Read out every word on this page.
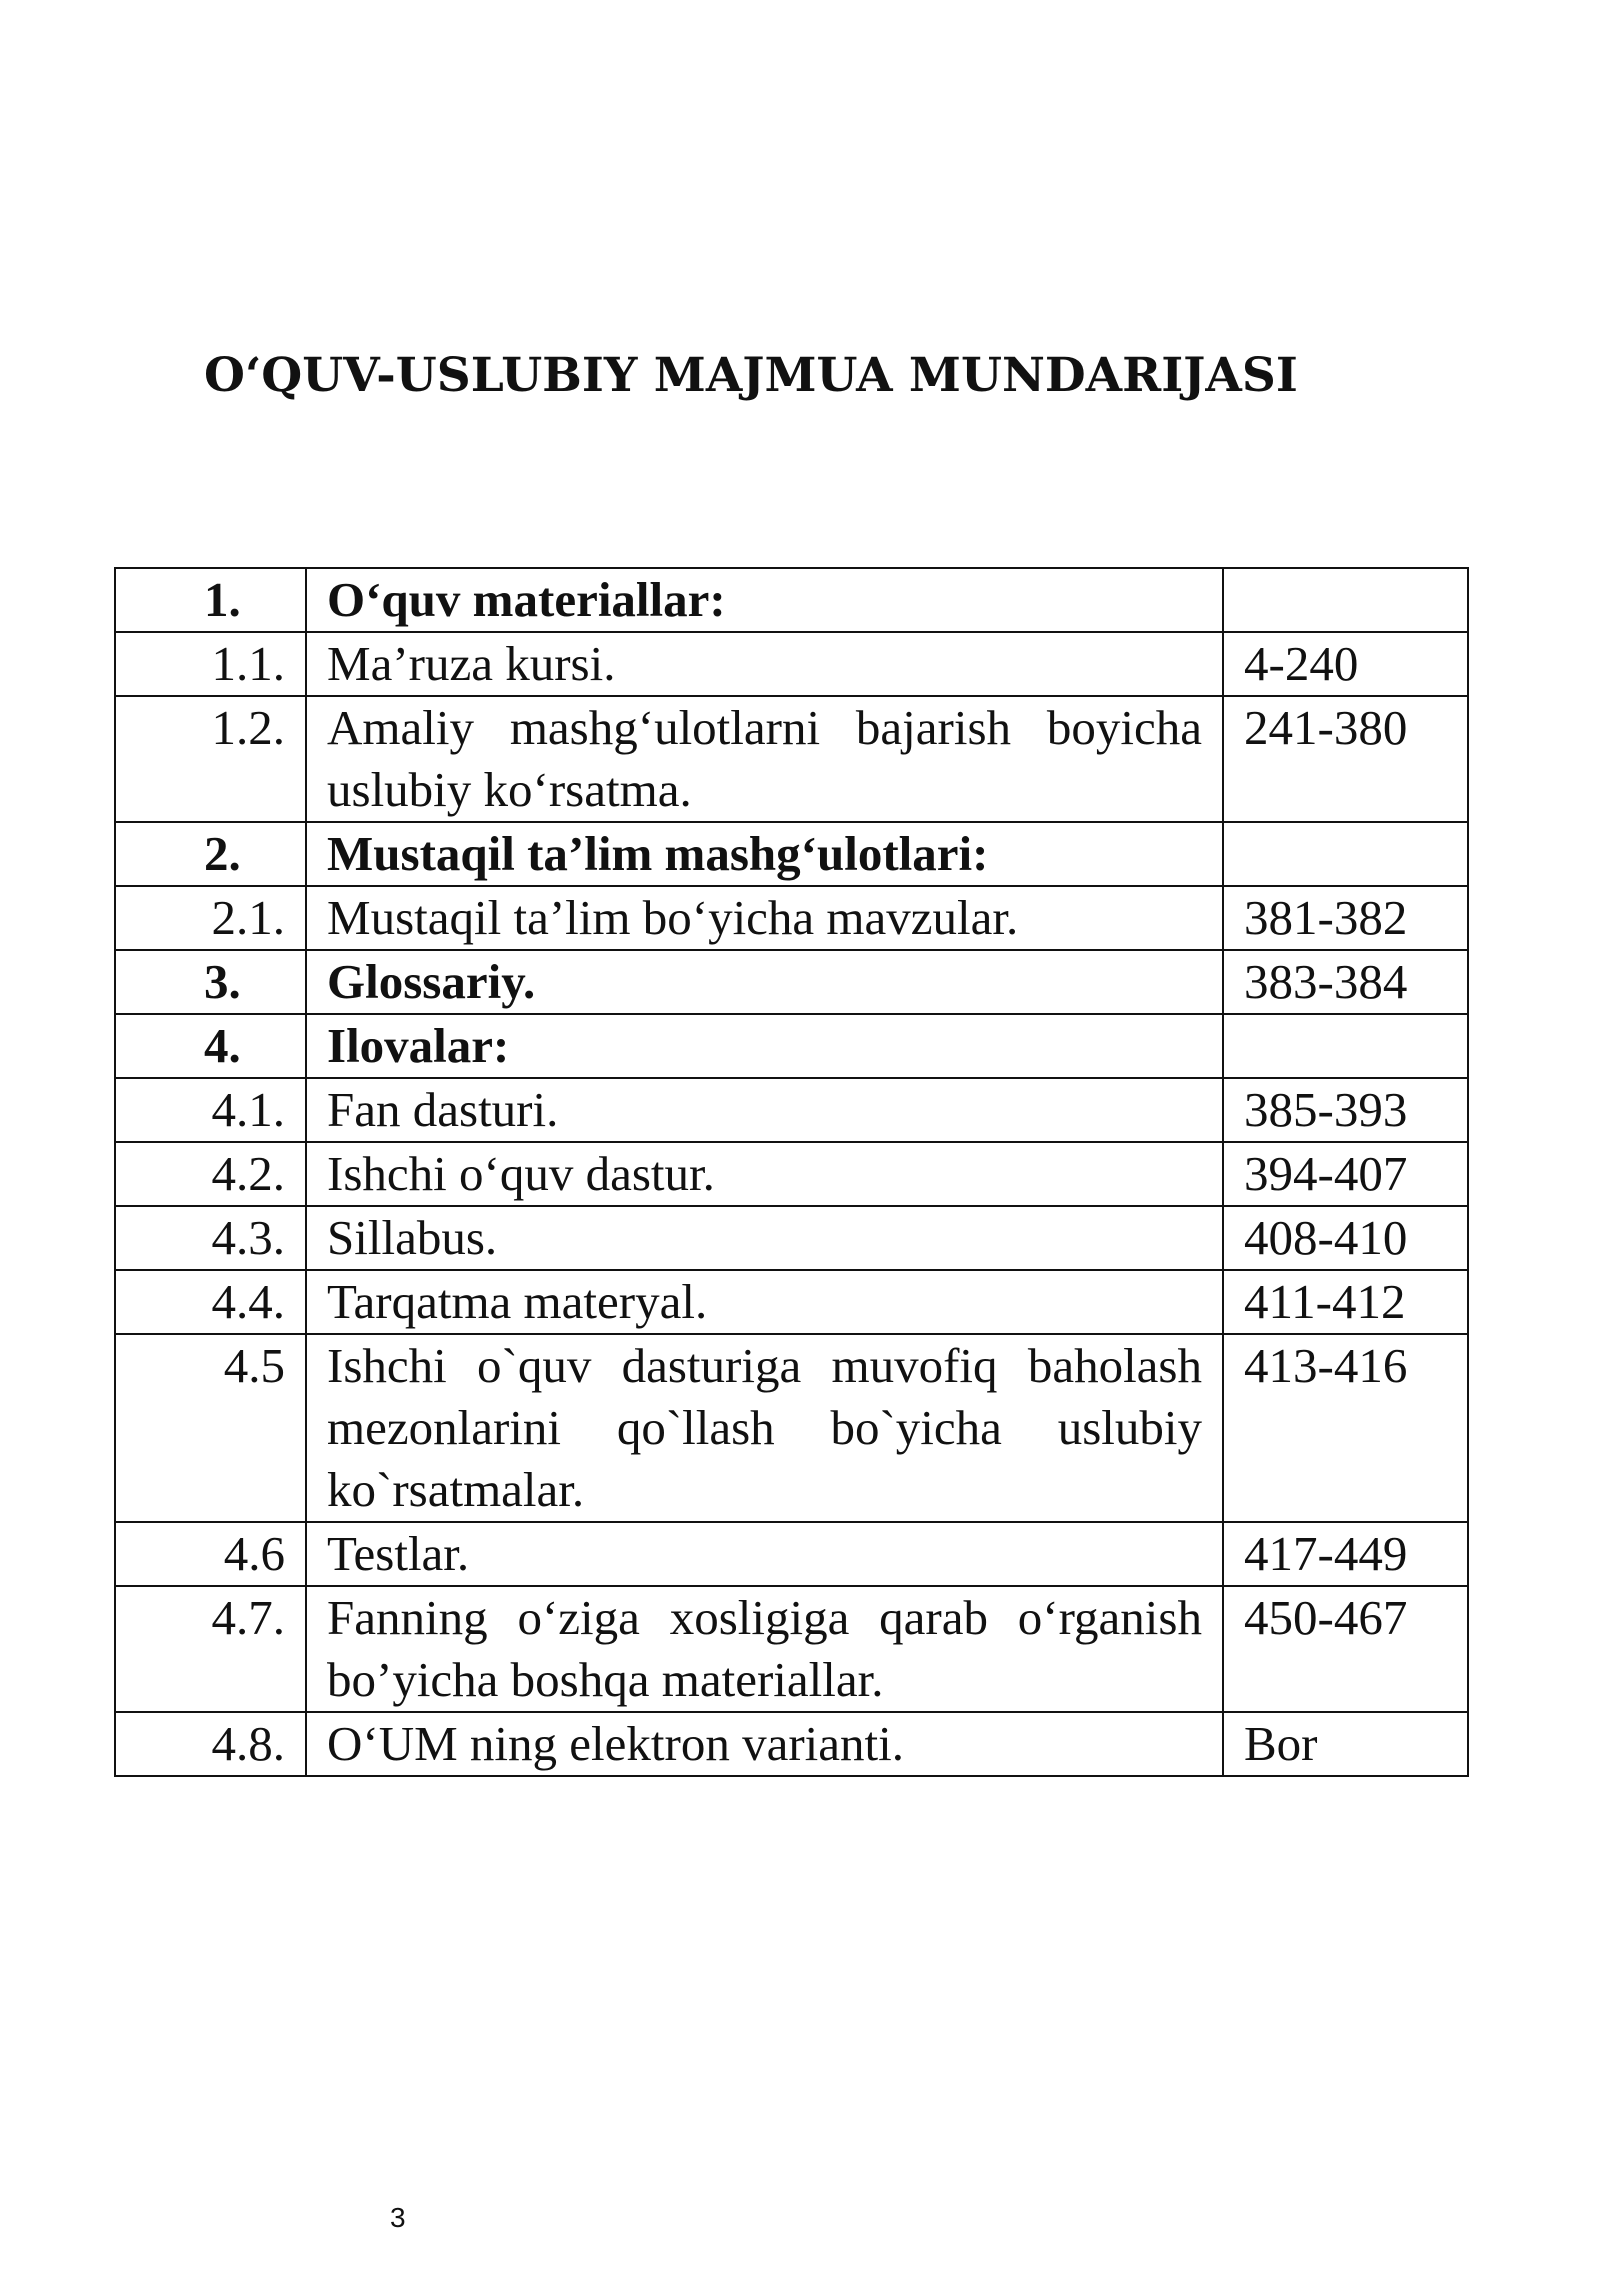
O‘QUV-USLUBIY MAJMUA MUNDARIJASI
1.	O‘quv materiallar:	
1.1.	Ma’ruza kursi.	4-240
1.2.	Amaliy mashg‘ulotlarni bajarish boyicha uslubiy ko‘rsatma.	241-380
2.	Mustaqil ta’lim mashg‘ulotlari:	
2.1.	Mustaqil ta’lim bo‘yicha mavzular.	381-382
3.	Glossariy.	383-384
4.	Ilovalar:	
4.1.	Fan dasturi.	385-393
4.2.	Ishchi o‘quv dastur.	394-407
4.3.	Sillabus.	408-410
4.4.	Tarqatma materyal.	411-412
4.5	Ishchi o`quv dasturiga muvofiq baholash mezonlarini qo`llash bo`yicha uslubiy ko`rsatmalar.	413-416
4.6	Testlar.	417-449
4.7.	Fanning o‘ziga xosligiga qarab o‘rganish bo’yicha boshqa materiallar.	450-467
4.8.	O‘UM ning elektron varianti.	Bor
3
